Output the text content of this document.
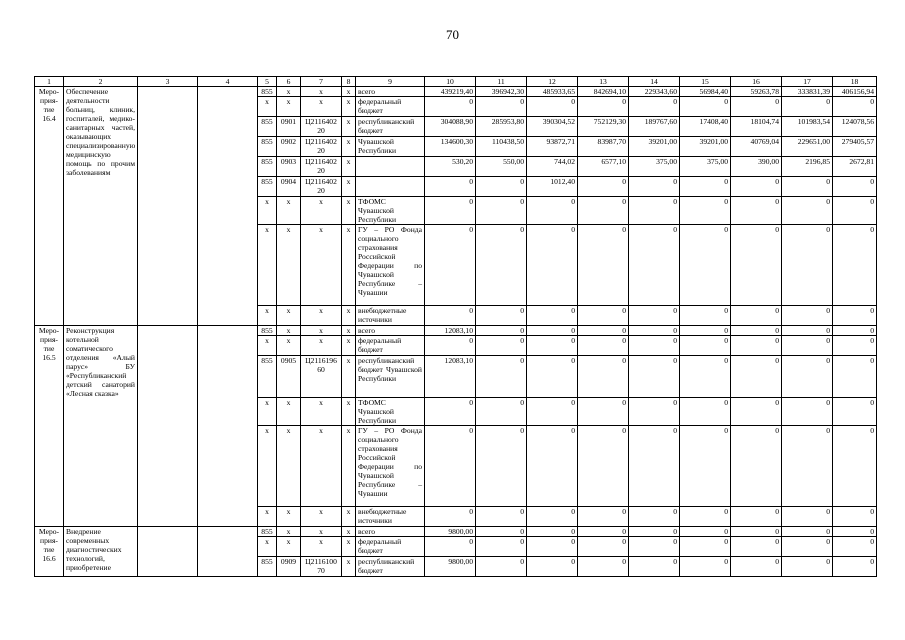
70
1	2	3	4	5	6	7	8	9	10	11	12	13	14	15	16	17	18

Меро-
прия-
тие
16.4	Обеспечение деятельности больниц, клиник, госпиталей, медико-санитарных частей, оказывающих специализированную медицинскую помощь по прочим заболеваниям			855	x	x	x	всего	439219,40	396942,30	485933,65	842694,10	229343,60	56984,40	59263,78	333831,39	406156,94
				x	x	x	x	федеральный бюджет	0	0	0	0	0	0	0	0	0
				855	0901	Ц2116402 20	x	республиканский бюджет	304088,90	285953,80	390304,52	752129,30	189767,60	17408,40	18104,74	101983,54	124078,56
				855	0902	Ц2116402 20	x	Чувашской Республики	134600,30	110438,50	93872,71	83987,70	39201,00	39201,00	40769,04	229651,00	279405,57
				855	0903	Ц2116402 20	x		530,20	550,00	744,02	6577,10	375,00	375,00	390,00	2196,85	2672,81
				855	0904	Ц2116402 20	x		0	0	1012,40	0	0	0	0	0	0
				x	x	x	x	ТФОМС Чувашской Республики	0	0	0	0	0	0	0	0	0
				x	x	x	x	ГУ – РО Фонда социального страхования Российской Федерации по Чувашской Республике – Чувашии	0	0	0	0	0	0	0	0	0
				x	x	x	x	внебюджетные источники	0	0	0	0	0	0	0	0	0

Меро-
прия-
тие
16.5	Реконструкция котельной соматического отделения «Алый парус» БУ «Республиканский детский санаторий «Лесная сказка»			855	x	x	x	всего	12083,10	0	0	0	0	0	0	0	0
				x	x	x	x	федеральный бюджет	0	0	0	0	0	0	0	0	0
				855	0905	Ц2116196 60	x	республиканский бюджет Чувашской Республики	12083,10	0	0	0	0	0	0	0	0
				x	x	x	x	ТФОМС Чувашской Республики	0	0	0	0	0	0	0	0	0
				x	x	x	x	ГУ – РО Фонда социального страхования Российской Федерации по Чувашской Республике – Чувашии	0	0	0	0	0	0	0	0	0
				x	x	x	x	внебюджетные источники	0	0	0	0	0	0	0	0	0

Меро-
прия-
тие
16.6	Внедрение современных диагностических технологий, приобретение			855	x	x	x	всего	9800,00	0	0	0	0	0	0	0	0
				x	x	x	x	федеральный бюджет	0	0	0	0	0	0	0	0	0
				855	0909	Ц2116100 70	x	республиканский бюджет	9800,00	0	0	0	0	0	0	0	0
